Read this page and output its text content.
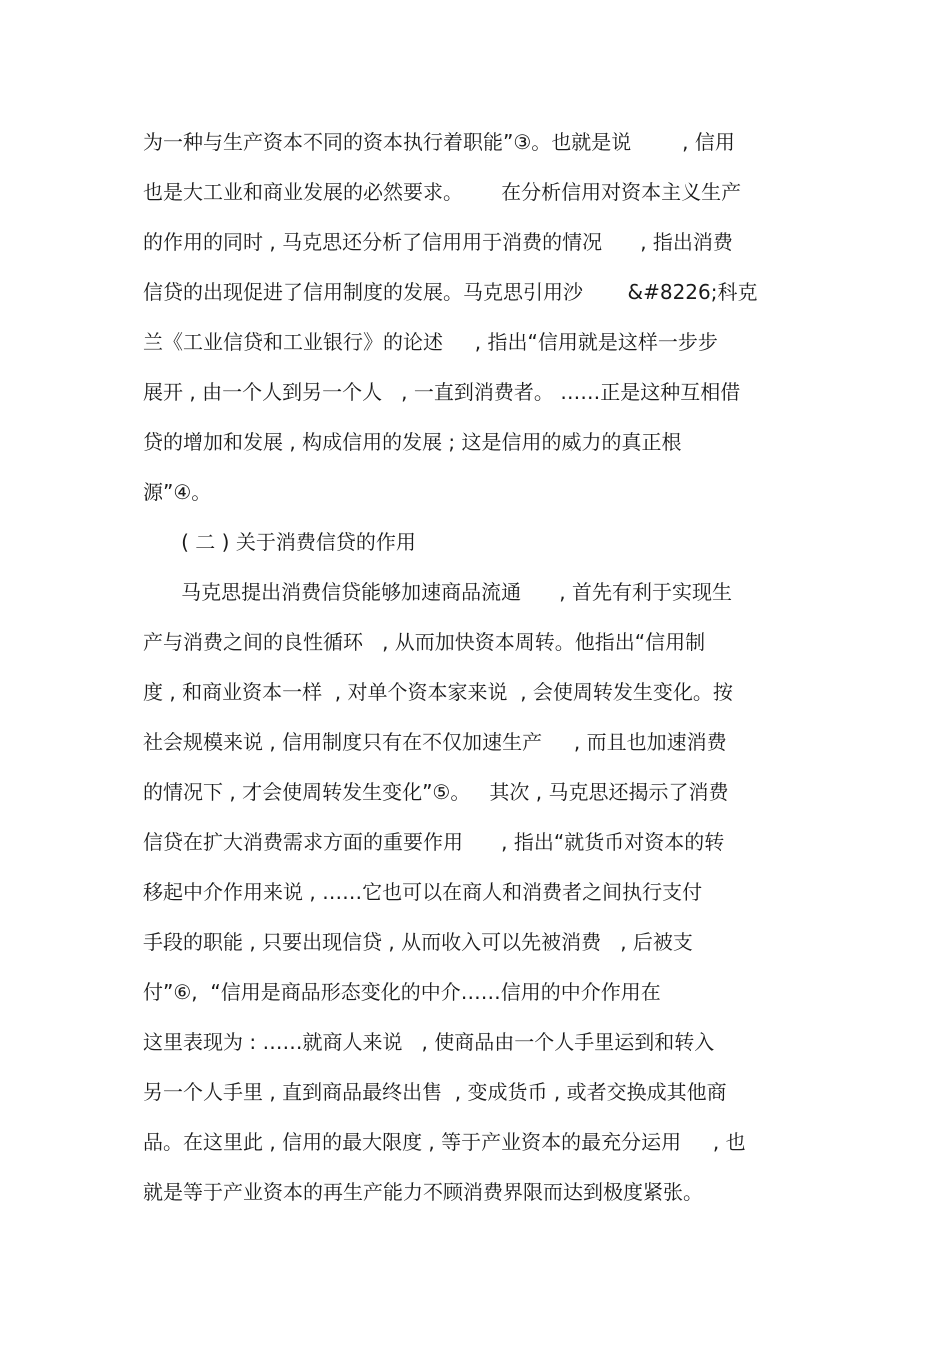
为一种与生产资本不同的资本执行着职能”③。也就是说        , 信用
也是大工业和商业发展的必然要求。      在分析信用对资本主义生产
的作用的同时 , 马克思还分析了信用用于消费的情况      , 指出消费
信贷的出现促进了信用制度的发展。马克思引用沙       &#8226;科克
兰《工业信贷和工业银行》的论述     , 指出“信用就是这样一步步
展开 , 由一个人到另一个人   , 一直到消费者。 ……正是这种互相借
贷的增加和发展 , 构成信用的发展 ; 这是信用的威力的真正根
源”④。
( 二 ) 关于消费信贷的作用
马克思提出消费信贷能够加速商品流通      , 首先有利于实现生
产与消费之间的良性循环   , 从而加快资本周转。他指出“信用制
度 , 和商业资本一样  , 对单个资本家来说  , 会使周转发生变化。按
社会规模来说 , 信用制度只有在不仅加速生产     , 而且也加速消费
的情况下 , 才会使周转发生变化”⑤。   其次 , 马克思还揭示了消费
信贷在扩大消费需求方面的重要作用      , 指出“就货币对资本的转
移起中介作用来说 , ……它也可以在商人和消费者之间执行支付
手段的职能 , 只要出现信贷 , 从而收入可以先被消费   , 后被支
付”⑥,  “信用是商品形态变化的中介……信用的中介作用在
这里表现为 : ……就商人来说   , 使商品由一个人手里运到和转入
另一个人手里 , 直到商品最终出售  , 变成货币 , 或者交换成其他商
品。在这里此 , 信用的最大限度 , 等于产业资本的最充分运用     , 也
就是等于产业资本的再生产能力不顾消费界限而达到极度紧张。
